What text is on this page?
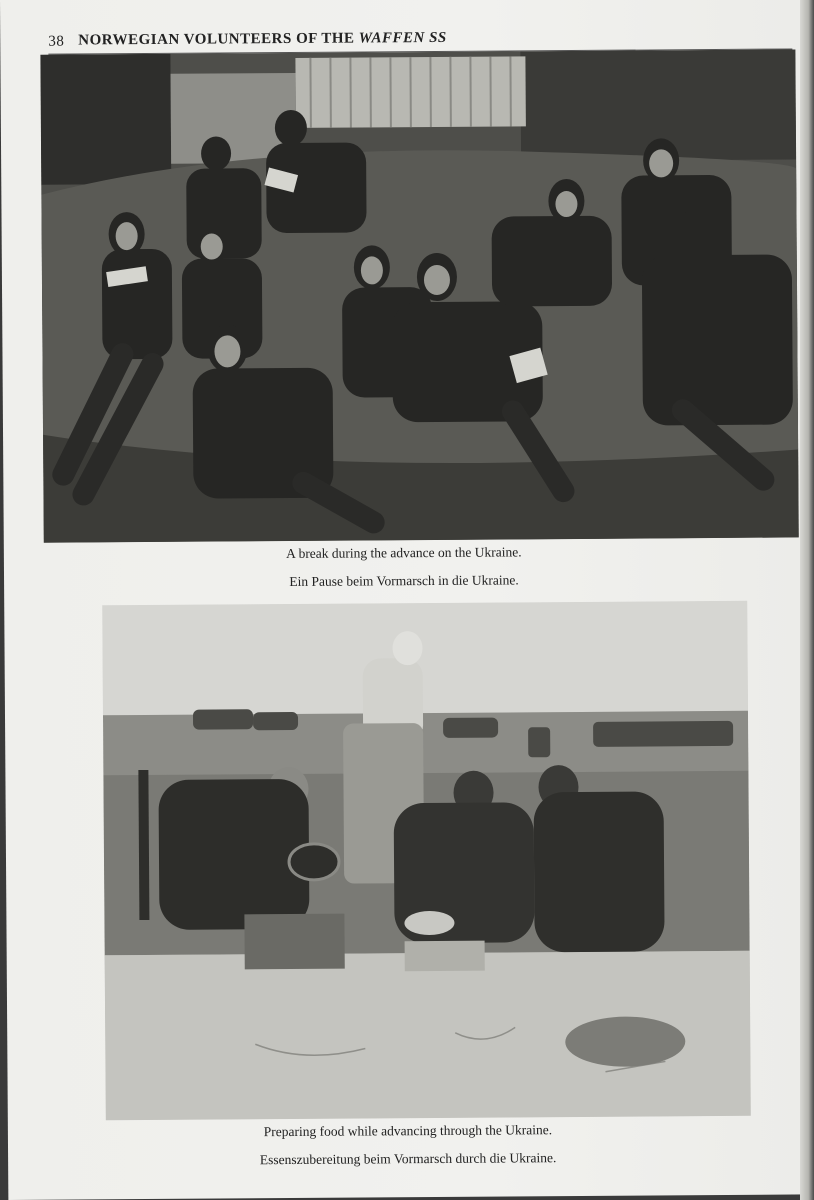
38 NORWEGIAN VOLUNTEERS OF THE WAFFEN SS
A break during the advance on the Ukraine.
Ein Pause beim Vormarsch in die Ukraine.
Preparing food while advancing through the Ukraine.
Essenszubereitung beim Vormarsch durch die Ukraine.
